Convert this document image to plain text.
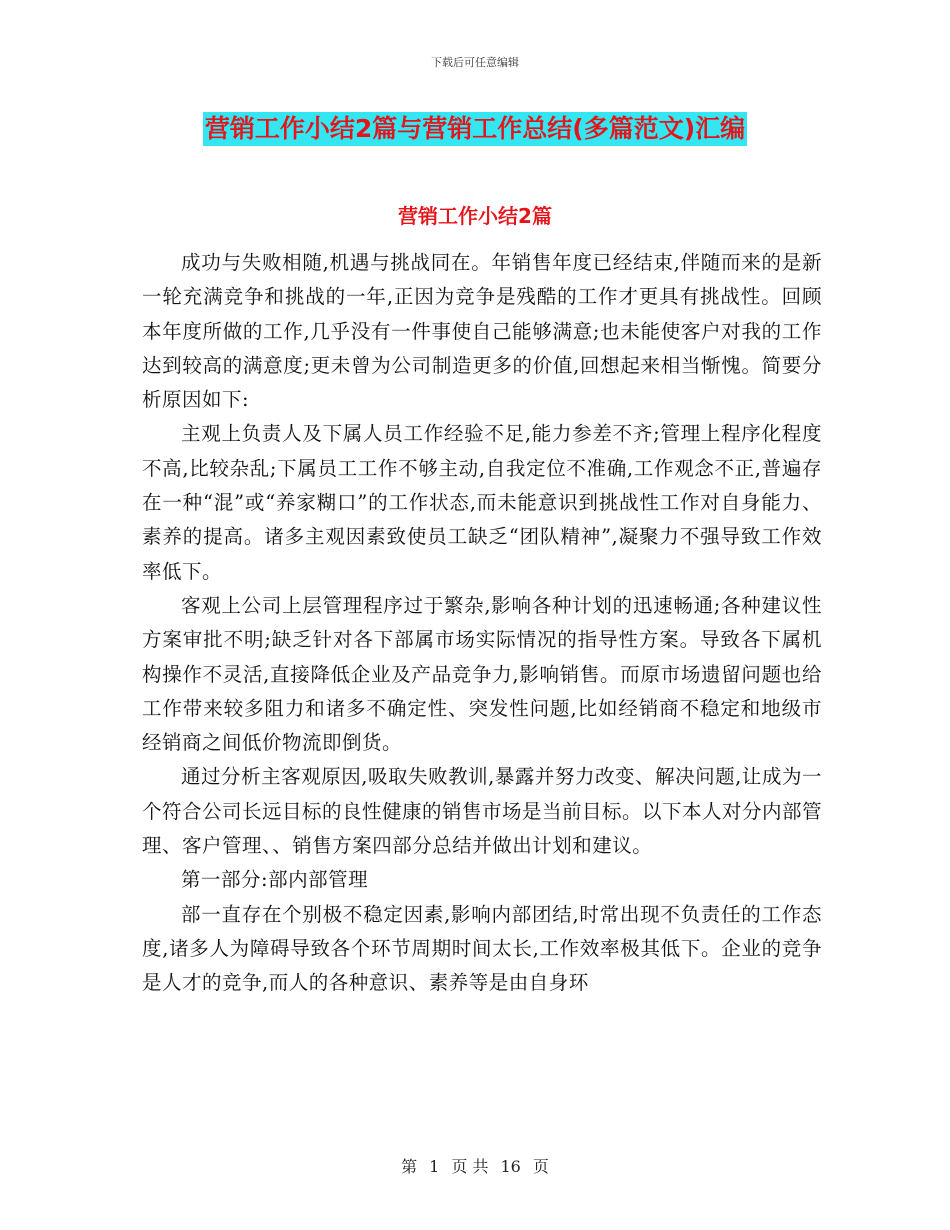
下载后可任意编辑
营销工作小结2篇与营销工作总结(多篇范文)汇编
营销工作小结2篇

成功与失败相随,机遇与挑战同在。年销售年度已经结束,伴随而来的是新一轮充满竞争和挑战的一年,正因为竞争是残酷的工作才更具有挑战性。回顾本年度所做的工作,几乎没有一件事使自己能够满意;也未能使客户对我的工作达到较高的满意度;更未曾为公司制造更多的价值,回想起来相当惭愧。简要分析原因如下:

主观上负责人及下属人员工作经验不足,能力参差不齐;管理上程序化程度不高,比较杂乱;下属员工工作不够主动,自我定位不准确,工作观念不正,普遍存在一种“混”或“养家糊口”的工作状态,而未能意识到挑战性工作对自身能力、素养的提高。诸多主观因素致使员工缺乏“团队精神”,凝聚力不强导致工作效率低下。

客观上公司上层管理程序过于繁杂,影响各种计划的迅速畅通;各种建议性方案审批不明;缺乏针对各下部属市场实际情况的指导性方案。导致各下属机构操作不灵活,直接降低企业及产品竞争力,影响销售。而原市场遗留问题也给工作带来较多阻力和诸多不确定性、突发性问题,比如经销商不稳定和地级市经销商之间低价物流即倒货。

通过分析主客观原因,吸取失败教训,暴露并努力改变、解决问题,让成为一个符合公司长远目标的良性健康的销售市场是当前目标。以下本人对分内部管理、客户管理、、销售方案四部分总结并做出计划和建议。

第一部分:部内部管理

部一直存在个别极不稳定因素,影响内部团结,时常出现不负责任的工作态度,诸多人为障碍导致各个环节周期时间太长,工作效率极其低下。企业的竞争是人才的竞争,而人的各种意识、素养等是由自身环

第 1 页 共 16 页
